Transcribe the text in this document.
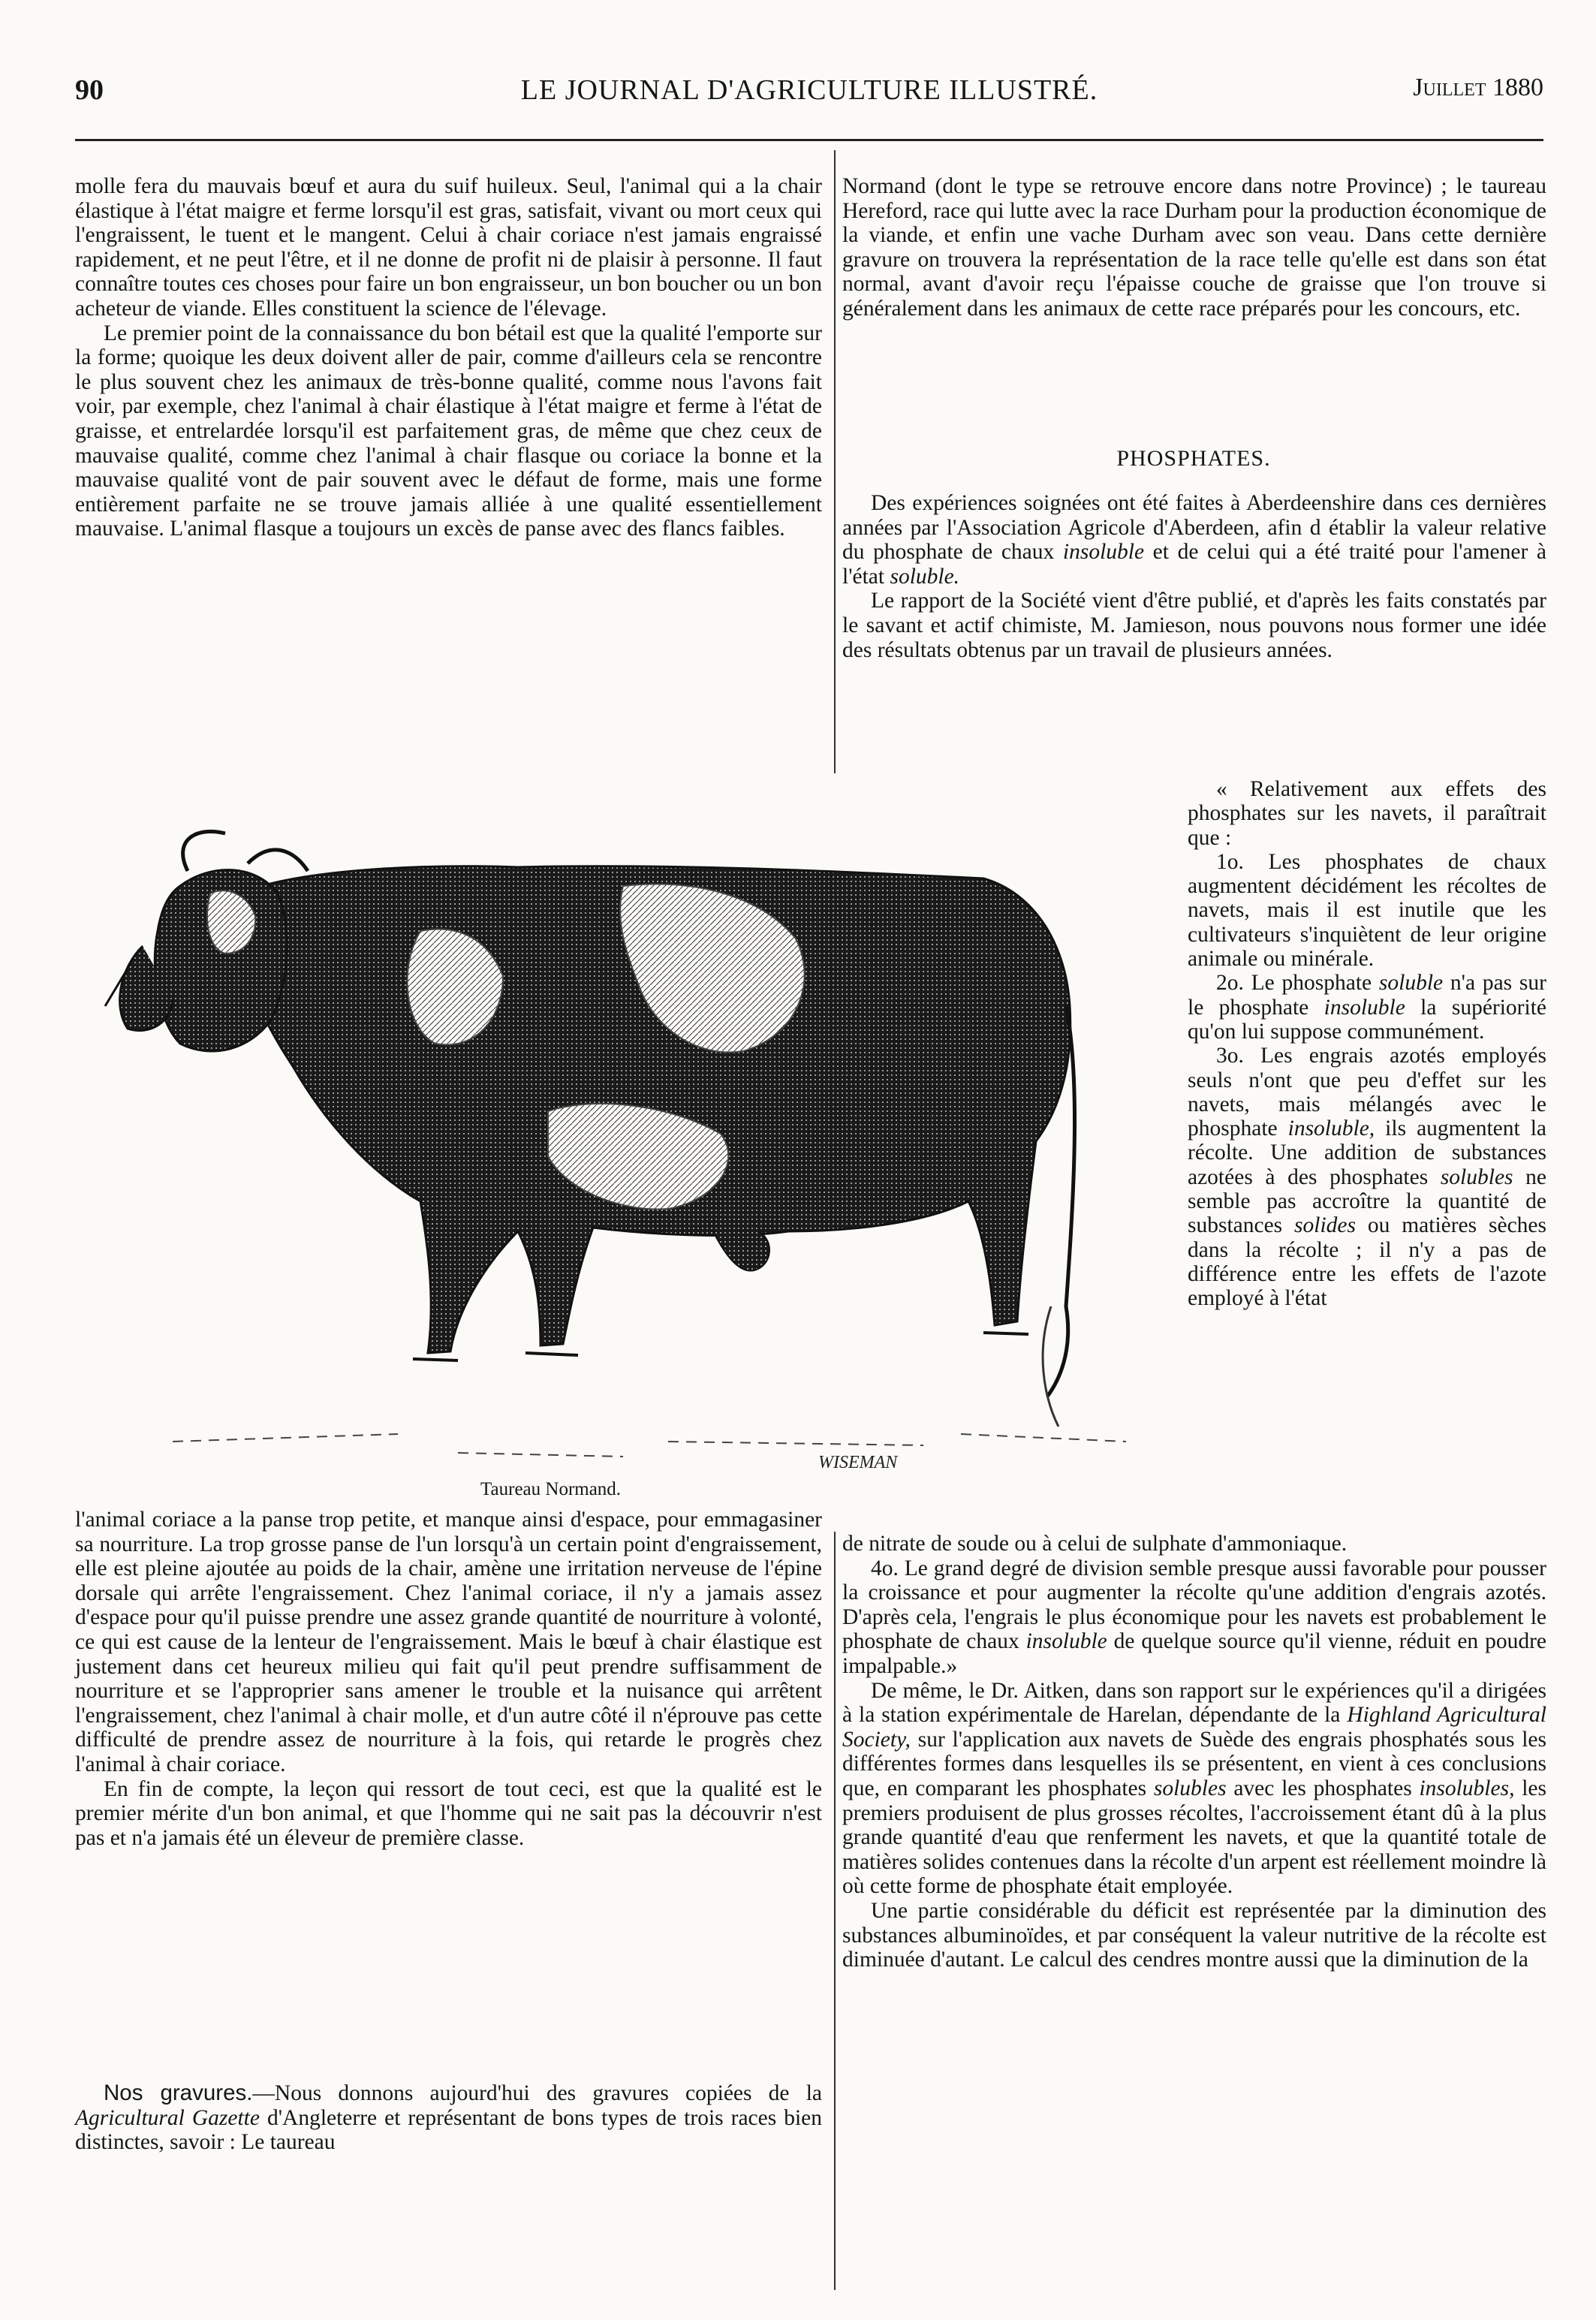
90	LE JOURNAL D'AGRICULTURE ILLUSTRÉ.	Juillet 1880

molle fera du mauvais bœuf et aura du suif huileux. Seul, l'animal qui a la chair élastique à l'état maigre et ferme lorsqu'il est gras, satisfait, vivant ou mort ceux qui l'engraissent, le tuent et le mangent. Celui à chair coriace n'est jamais engraissé rapidement, et ne peut l'être, et il ne donne de profit ni de plaisir à personne. Il faut connaître toutes ces choses pour faire un bon engraisseur, un bon boucher ou un bon acheteur de viande. Elles constituent la science de l'élevage.

Le premier point de la connaissance du bon bétail est que la qualité l'emporte sur la forme; quoique les deux doivent aller de pair, comme d'ailleurs cela se rencontre le plus souvent chez les animaux de très-bonne qualité, comme nous l'avons fait voir, par exemple, chez l'animal à chair élastique à l'état maigre et ferme à l'état de graisse, et entrelardée lorsqu'il est parfaitement gras, de même que chez ceux de mauvaise qualité, comme chez l'animal à chair flasque ou coriace la bonne et la mauvaise qualité vont de pair souvent avec le défaut de forme, mais une forme entièrement parfaite ne se trouve jamais alliée à une qualité essentiellement mauvaise. L'animal flasque a toujours un excès de panse avec des flancs faibles.

Normand (dont le type se retrouve encore dans notre Province) ; le taureau Hereford, race qui lutte avec la race Durham pour la production économique de la viande, et enfin une vache Durham avec son veau. Dans cette dernière gravure on trouvera la représentation de la race telle qu'elle est dans son état normal, avant d'avoir reçu l'épaisse couche de graisse que l'on trouve si généralement dans les animaux de cette race préparés pour les concours, etc.

PHOSPHATES.

Des expériences soignées ont été faites à Aberdeenshire dans ces dernières années par l'Association Agricole d'Aberdeen, afin d établir la valeur relative du phosphate de chaux insoluble et de celui qui a été traité pour l'amener à l'état soluble.

Le rapport de la Société vient d'être publié, et d'après les faits constatés par le savant et actif chimiste, M. Jamieson, nous pouvons nous former une idée des résultats obtenus par un travail de plusieurs années.

« Relativement aux effets des phosphates sur les navets, il paraîtrait que :

1o. Les phosphates de chaux augmentent décidément les récoltes de navets, mais il est inutile que les cultivateurs s'inquiètent de leur origine animale ou minérale.

2o. Le phosphate soluble n'a pas sur le phosphate insoluble la supériorité qu'on lui suppose communément.

3o. Les engrais azotés employés seuls n'ont que peu d'effet sur les navets, mais mélangés avec le phosphate insoluble, ils augmentent la récolte. Une addition de substances azotées à des phosphates solubles ne semble pas accroître la quantité de substances solides ou matières sèches dans la récolte ; il n'y a pas de différence entre les effets de l'azote employé à l'état

WISEMAN
Taureau Normand.

de nitrate de soude ou à celui de sulphate d'ammoniaque.

4o. Le grand degré de division semble presque aussi favorable pour pousser la croissance et pour augmenter la récolte qu'une addition d'engrais azotés. D'après cela, l'engrais le plus économique pour les navets est probablement le phosphate de chaux insoluble de quelque source qu'il vienne, réduit en poudre impalpable.»

De même, le Dr. Aitken, dans son rapport sur le expériences qu'il a dirigées à la station expérimentale de Harelan, dépendante de la Highland Agricultural Society, sur l'application aux navets de Suède des engrais phosphatés sous les différentes formes dans lesquelles ils se présentent, en vient à ces conclusions que, en comparant les phosphates solubles avec les phosphates insolubles, les premiers produisent de plus grosses récoltes, l'accroissement étant dû à la plus grande quantité d'eau que renferment les navets, et que la quantité totale de matières solides contenues dans la récolte d'un arpent est réellement moindre là où cette forme de phosphate était employée.

Une partie considérable du déficit est représentée par la diminution des substances albuminoïdes, et par conséquent la valeur nutritive de la récolte est diminuée d'autant. Le calcul des cendres montre aussi que la diminution de la

l'animal coriace a la panse trop petite, et manque ainsi d'espace, pour emmagasiner sa nourriture. La trop grosse panse de l'un lorsqu'à un certain point d'engraissement, elle est pleine ajoutée au poids de la chair, amène une irritation nerveuse de l'épine dorsale qui arrête l'engraissement. Chez l'animal coriace, il n'y a jamais assez d'espace pour qu'il puisse prendre une assez grande quantité de nourriture à volonté, ce qui est cause de la lenteur de l'engraissement. Mais le bœuf à chair élastique est justement dans cet heureux milieu qui fait qu'il peut prendre suffisamment de nourriture et se l'approprier sans amener le trouble et la nuisance qui arrêtent l'engraissement, chez l'animal à chair molle, et d'un autre côté il n'éprouve pas cette difficulté de prendre assez de nourriture à la fois, qui retarde le progrès chez l'animal à chair coriace.

En fin de compte, la leçon qui ressort de tout ceci, est que la qualité est le premier mérite d'un bon animal, et que l'homme qui ne sait pas la découvrir n'est pas et n'a jamais été un éleveur de première classe.

Nos gravures.—Nous donnons aujourd'hui des gravures copiées de la Agricultural Gazette d'Angleterre et représentant de bons types de trois races bien distinctes, savoir : Le taureau
